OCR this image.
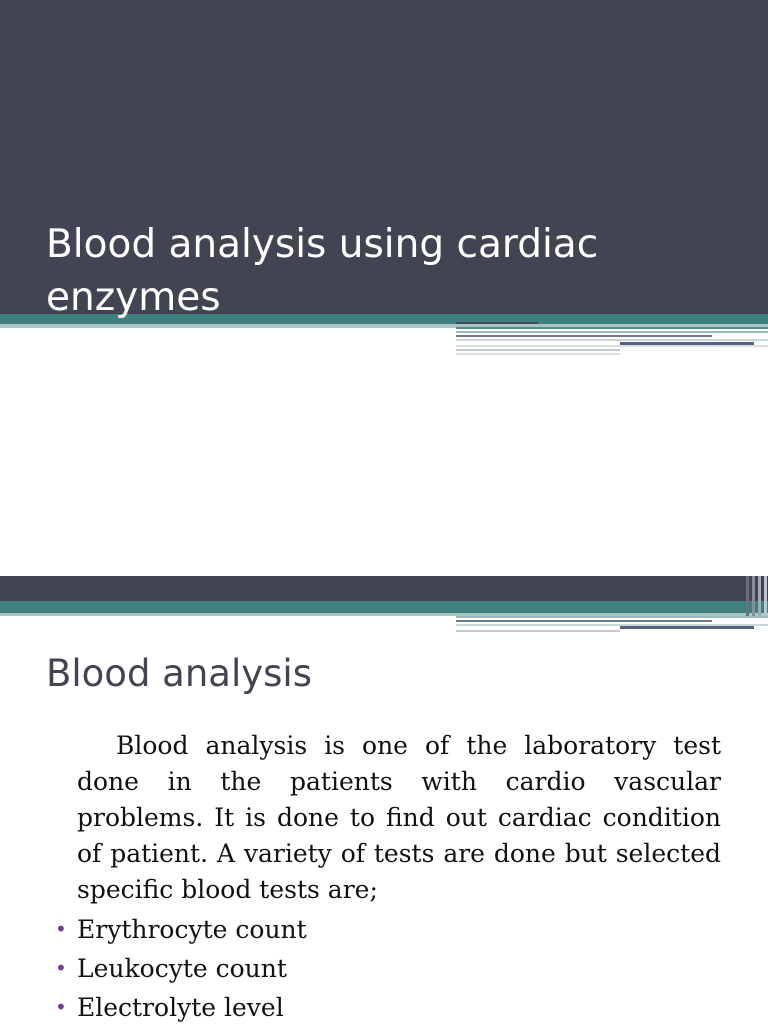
Blood analysis using cardiac enzymes
Blood analysis

Blood analysis is one of the laboratory test done in the patients with cardio vascular problems. It is done to find out cardiac condition of patient. A variety of tests are done but selected specific blood tests are;

• Erythrocyte count
• Leukocyte count
• Electrolyte level
